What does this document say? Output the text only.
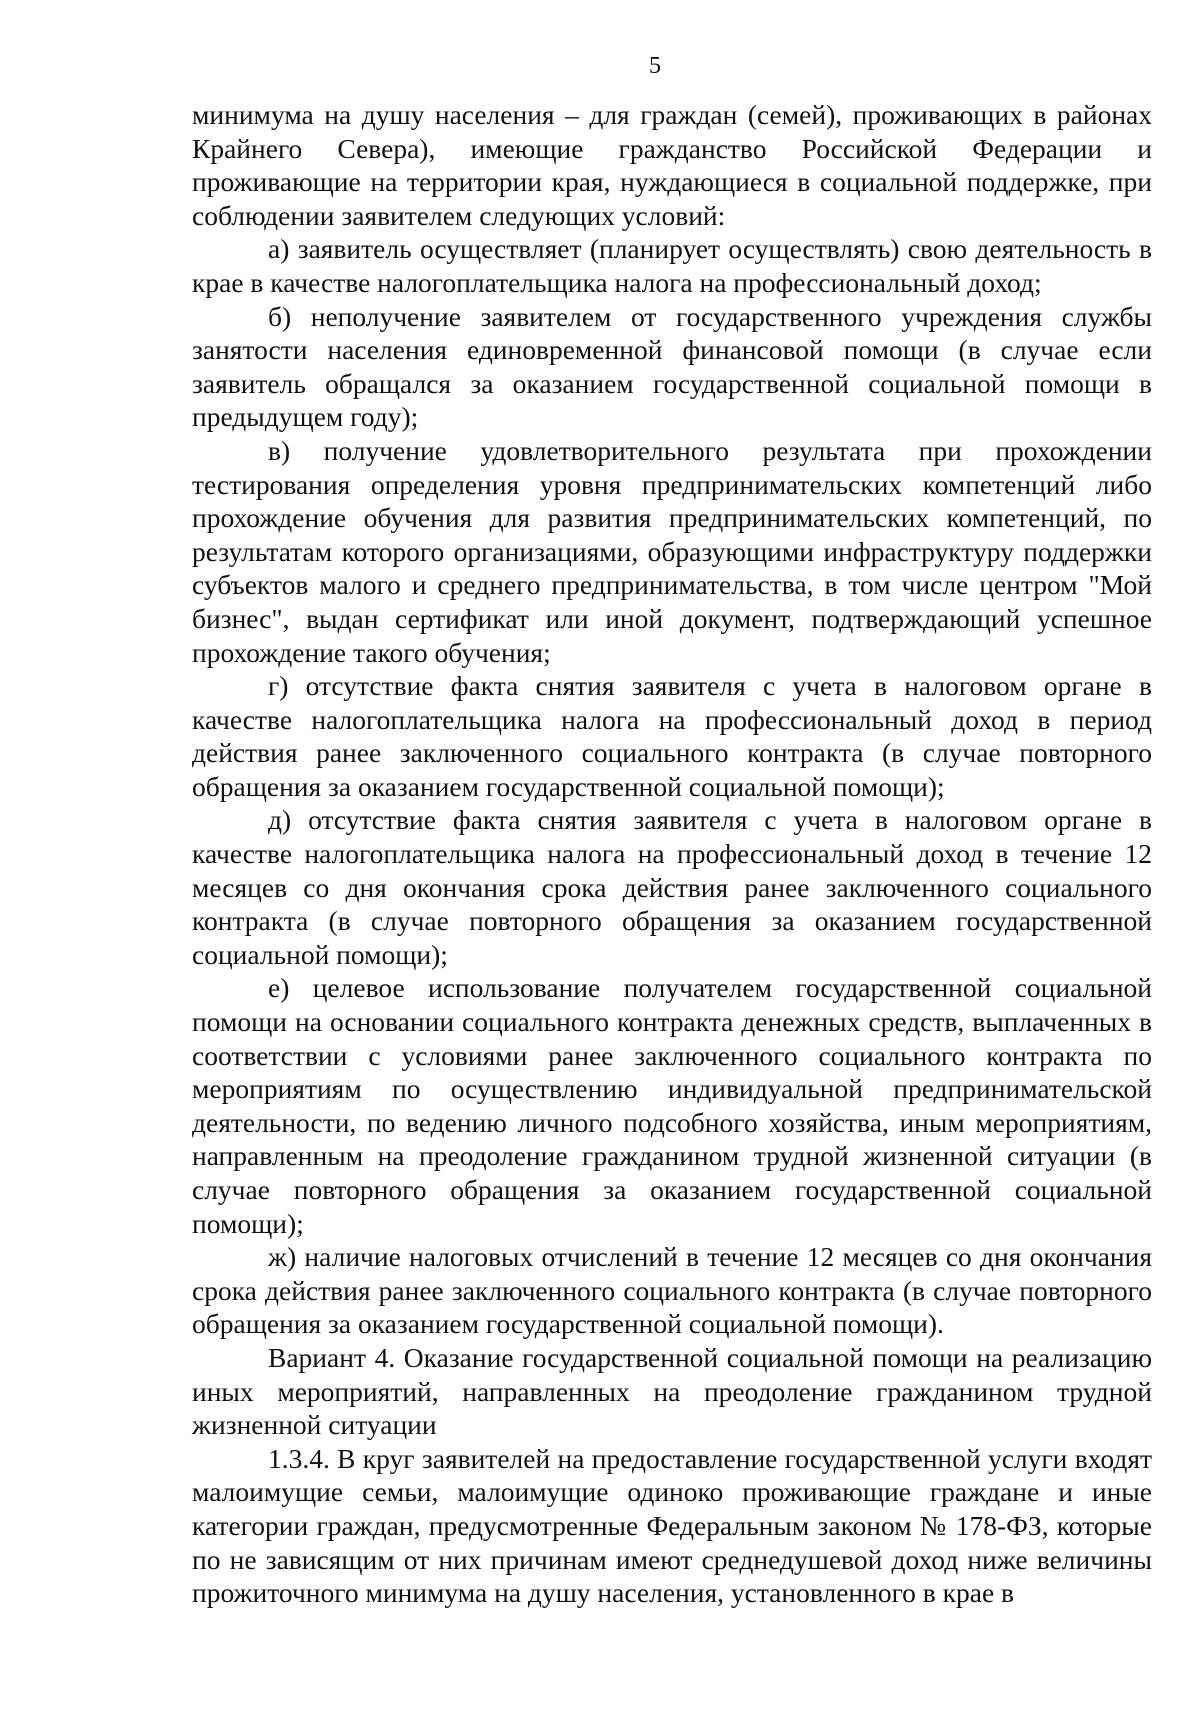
5

минимума на душу населения – для граждан (семей), проживающих в районах Крайнего Севера), имеющие гражданство Российской Федерации и проживающие на территории края, нуждающиеся в социальной поддержке, при соблюдении заявителем следующих условий:

а) заявитель осуществляет (планирует осуществлять) свою деятельность в крае в качестве налогоплательщика налога на профессиональный доход;

б) неполучение заявителем от государственного учреждения службы занятости населения единовременной финансовой помощи (в случае если заявитель обращался за оказанием государственной социальной помощи в предыдущем году);

в) получение удовлетворительного результата при прохождении тестирования определения уровня предпринимательских компетенций либо прохождение обучения для развития предпринимательских компетенций, по результатам которого организациями, образующими инфраструктуру поддержки субъектов малого и среднего предпринимательства, в том числе центром "Мой бизнес", выдан сертификат или иной документ, подтверждающий успешное прохождение такого обучения;

г) отсутствие факта снятия заявителя с учета в налоговом органе в качестве налогоплательщика налога на профессиональный доход в период действия ранее заключенного социального контракта (в случае повторного обращения за оказанием государственной социальной помощи);

д) отсутствие факта снятия заявителя с учета в налоговом органе в качестве налогоплательщика налога на профессиональный доход в течение 12 месяцев со дня окончания срока действия ранее заключенного социального контракта (в случае повторного обращения за оказанием государственной социальной помощи);

е) целевое использование получателем государственной социальной помощи на основании социального контракта денежных средств, выплаченных в соответствии с условиями ранее заключенного социального контракта по мероприятиям по осуществлению индивидуальной предпринимательской деятельности, по ведению личного подсобного хозяйства, иным мероприятиям, направленным на преодоление гражданином трудной жизненной ситуации (в случае повторного обращения за оказанием государственной социальной помощи);

ж) наличие налоговых отчислений в течение 12 месяцев со дня окончания срока действия ранее заключенного социального контракта (в случае повторного обращения за оказанием государственной социальной помощи).

Вариант 4. Оказание государственной социальной помощи на реализацию иных мероприятий, направленных на преодоление гражданином трудной жизненной ситуации

1.3.4. В круг заявителей на предоставление государственной услуги входят малоимущие семьи, малоимущие одиноко проживающие граждане и иные категории граждан, предусмотренные Федеральным законом № 178-ФЗ, которые по не зависящим от них причинам имеют среднедушевой доход ниже величины прожиточного минимума на душу населения, установленного в крае в
